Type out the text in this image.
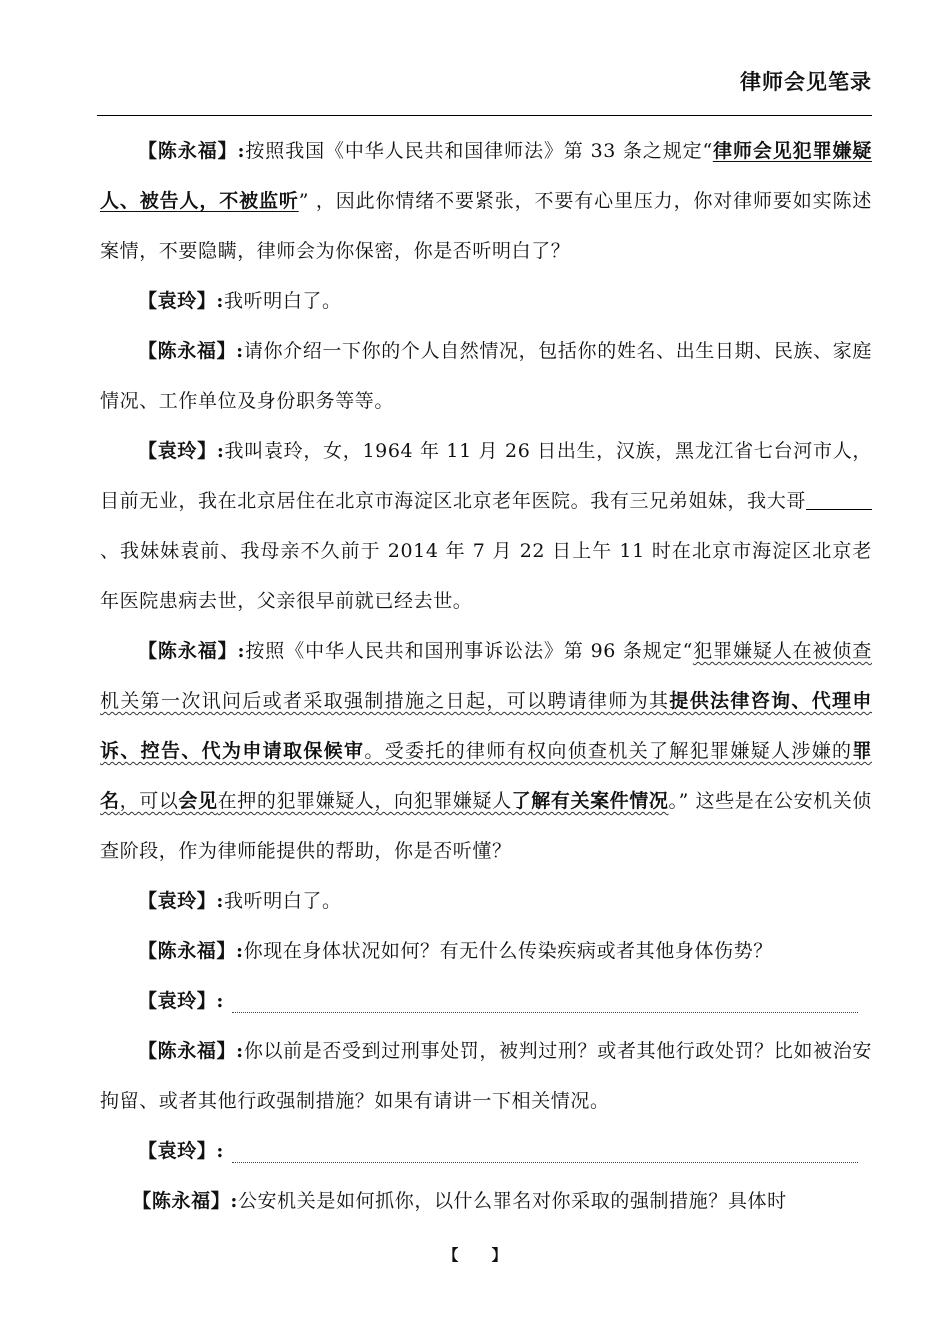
律师会见笔录

【陈永福】:按照我国《中华人民共和国律师法》第 33 条之规定“律师会见犯罪嫌疑人、被告人，不被监听” ，因此你情绪不要紧张，不要有心里压力，你对律师要如实陈述案情，不要隐瞒，律师会为你保密，你是否听明白了？

【袁玲】:我听明白了。

【陈永福】:请你介绍一下你的个人自然情况，包括你的姓名、出生日期、民族、家庭情况、工作单位及身份职务等等。

【袁玲】:我叫袁玲，女，1964 年 11 月 26 日出生，汉族，黑龙江省七台河市人，目前无业，我在北京居住在北京市海淀区北京老年医院。我有三兄弟姐妹，我大哥、我妹妹袁前、我母亲不久前于 2014 年 7 月 22 日上午 11 时在北京市海淀区北京老年医院患病去世，父亲很早前就已经去世。

【陈永福】:按照《中华人民共和国刑事诉讼法》第 96 条规定“犯罪嫌疑人在被侦查机关第一次讯问后或者采取强制措施之日起，可以聘请律师为其提供法律咨询、代理申诉、控告、代为申请取保候审。受委托的律师有权向侦查机关了解犯罪嫌疑人涉嫌的罪名，可以会见在押的犯罪嫌疑人，向犯罪嫌疑人了解有关案件情况。” 这些是在公安机关侦查阶段，作为律师能提供的帮助，你是否听懂？

【袁玲】:我听明白了。

【陈永福】:你现在身体状况如何？有无什么传染疾病或者其他身体伤势？

【袁玲】:

【陈永福】:你以前是否受到过刑事处罚，被判过刑？或者其他行政处罚？比如被治安拘留、或者其他行政强制措施？如果有请讲一下相关情况。

【袁玲】:

【陈永福】:公安机关是如何抓你，以什么罪名对你采取的强制措施？具体时

【 】
